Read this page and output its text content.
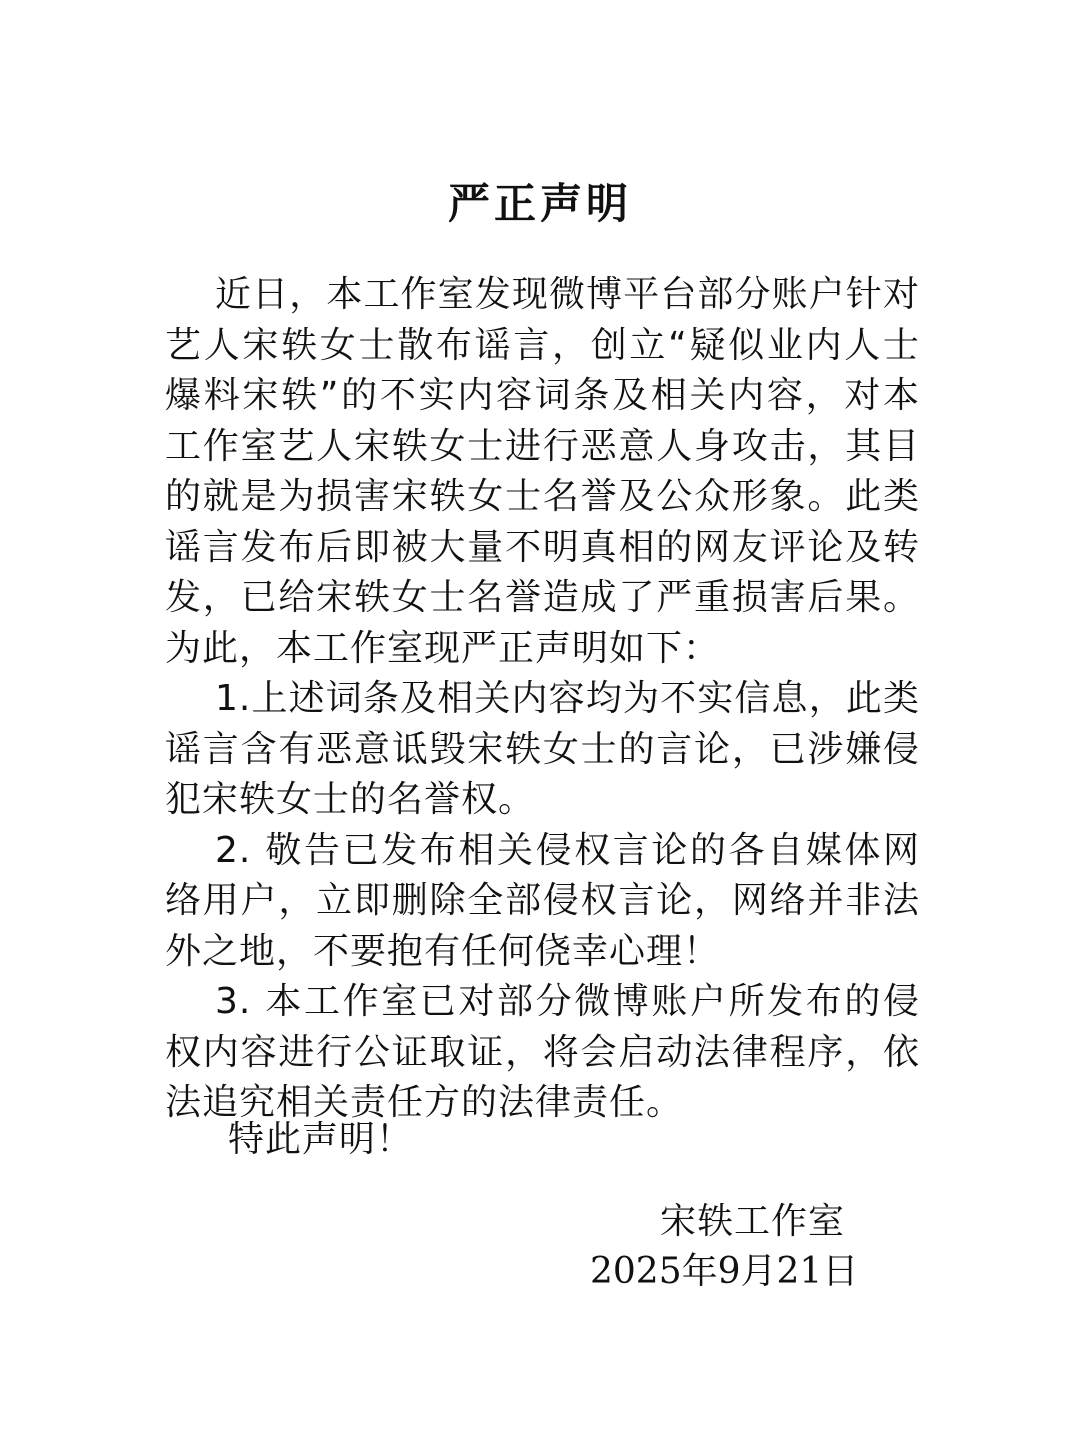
严正声明

近日，本工作室发现微博平台部分账户针对艺人宋轶女士散布谣言，创立“疑似业内人士爆料宋轶”的不实内容词条及相关内容，对本工作室艺人宋轶女士进行恶意人身攻击，其目的就是为损害宋轶女士名誉及公众形象。此类谣言发布后即被大量不明真相的网友评论及转发，已给宋轶女士名誉造成了严重损害后果。为此，本工作室现严正声明如下：

1.上述词条及相关内容均为不实信息，此类谣言含有恶意诋毁宋轶女士的言论，已涉嫌侵犯宋轶女士的名誉权。

2. 敬告已发布相关侵权言论的各自媒体网络用户，立即删除全部侵权言论，网络并非法外之地，不要抱有任何侥幸心理！

3. 本工作室已对部分微博账户所发布的侵权内容进行公证取证，将会启动法律程序，依法追究相关责任方的法律责任。

特此声明！
宋轶工作室
2025年9月21日
